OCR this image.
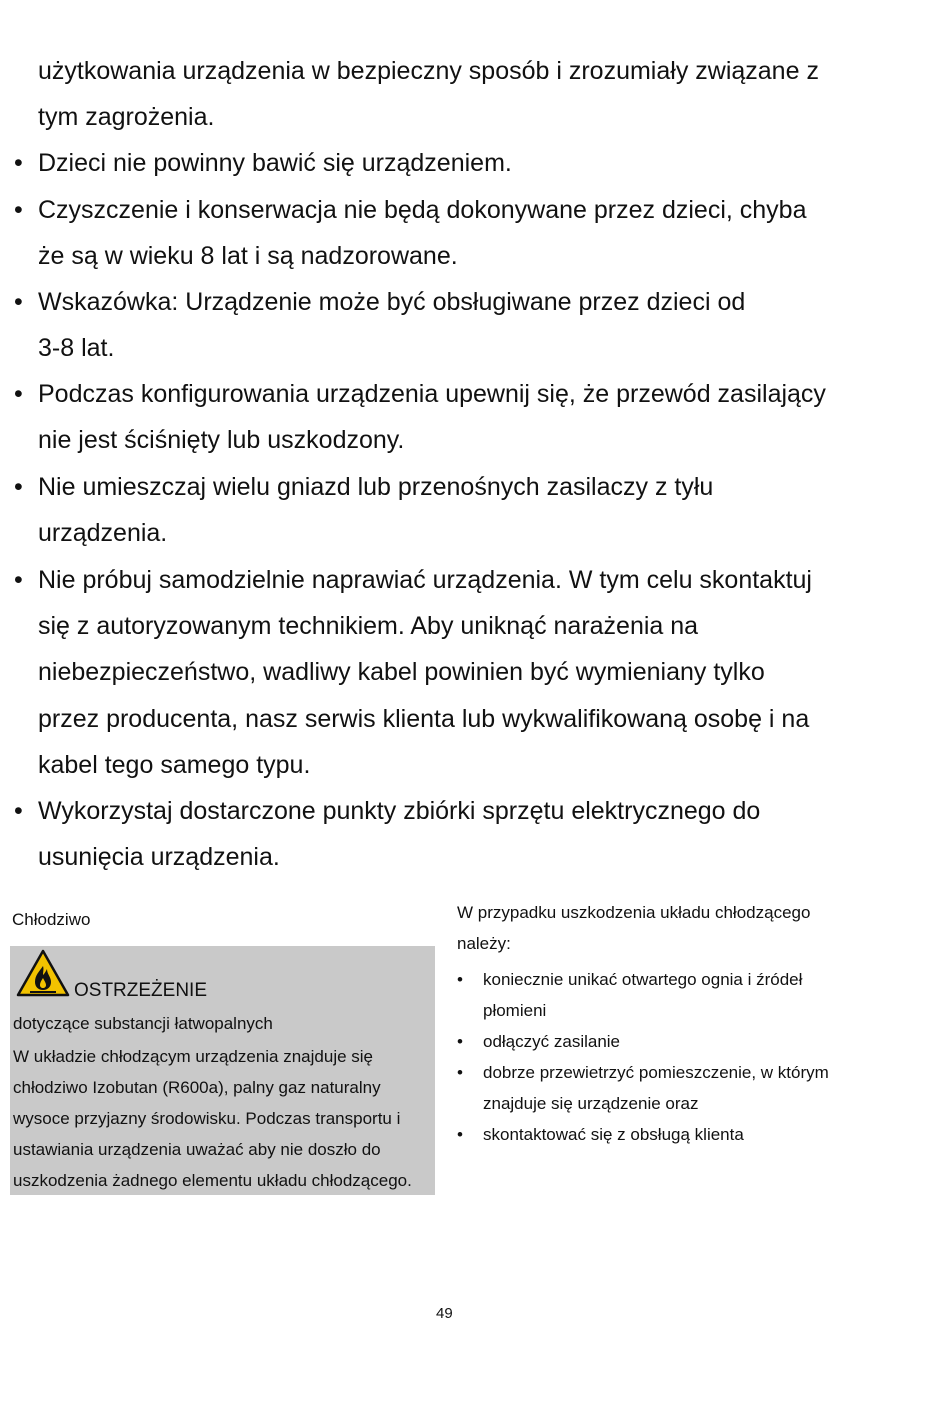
użytkowania urządzenia w bezpieczny sposób i zrozumiały związane z
tym zagrożenia.
• Dzieci nie powinny bawić się urządzeniem.
• Czyszczenie i konserwacja nie będą dokonywane przez dzieci, chyba
że są w wieku 8 lat i są nadzorowane.
• Wskazówka: Urządzenie może być obsługiwane przez dzieci od
3-8 lat.
• Podczas konfigurowania urządzenia upewnij się, że przewód zasilający
nie jest ściśnięty lub uszkodzony.
• Nie umieszczaj wielu gniazd lub przenośnych zasilaczy z tyłu
urządzenia.
• Nie próbuj samodzielnie naprawiać urządzenia. W tym celu skontaktuj
się z autoryzowanym technikiem. Aby uniknąć narażenia na
niebezpieczeństwo, wadliwy kabel powinien być wymieniany tylko
przez producenta, nasz serwis klienta lub wykwalifikowaną osobę i na
kabel tego samego typu.
• Wykorzystaj dostarczone punkty zbiórki sprzętu elektrycznego do
usunięcia urządzenia.
Chłodziwo
OSTRZEŻENIE
dotyczące substancji łatwopalnych
W układzie chłodzącym urządzenia znajduje się
chłodziwo Izobutan (R600a), palny gaz naturalny
wysoce przyjazny środowisku. Podczas transportu i
ustawiania urządzenia uważać aby nie doszło do
uszkodzenia żadnego elementu układu chłodzącego.
W przypadku uszkodzenia układu chłodzącego
należy:
• koniecznie unikać otwartego ognia i źródeł
płomieni
• odłączyć zasilanie
• dobrze przewietrzyć pomieszczenie, w którym
znajduje się urządzenie oraz
• skontaktować się z obsługą klienta
49
